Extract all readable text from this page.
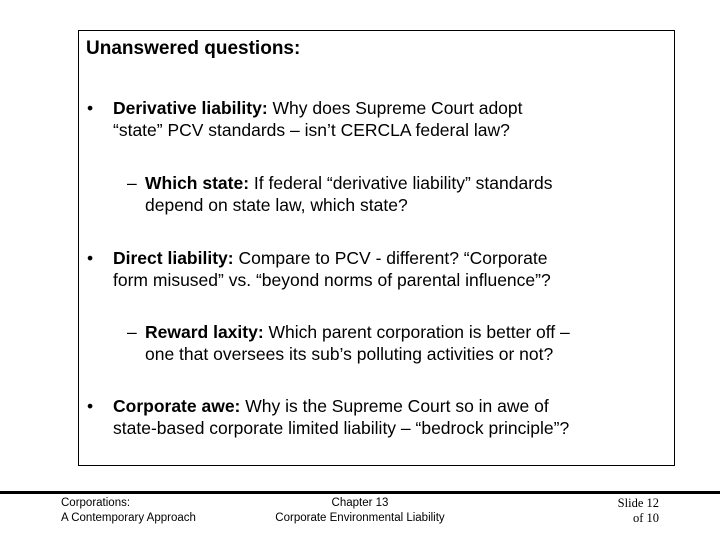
Unanswered questions:
• Derivative liability: Why does Supreme Court adopt
“state” PCV standards – isn’t CERCLA federal law?
– Which state: If federal “derivative liability” standards
depend on state law, which state?
• Direct liability: Compare to PCV - different? “Corporate
form misused” vs. “beyond norms of parental influence”?
– Reward laxity: Which parent corporation is better off –
one that oversees its sub’s polluting activities or not?
• Corporate awe: Why is the Supreme Court so in awe of
state-based corporate limited liability – “bedrock principle”?
Corporations:
A Contemporary Approach
Chapter 13
Corporate Environmental Liability
Slide 12
of 10
